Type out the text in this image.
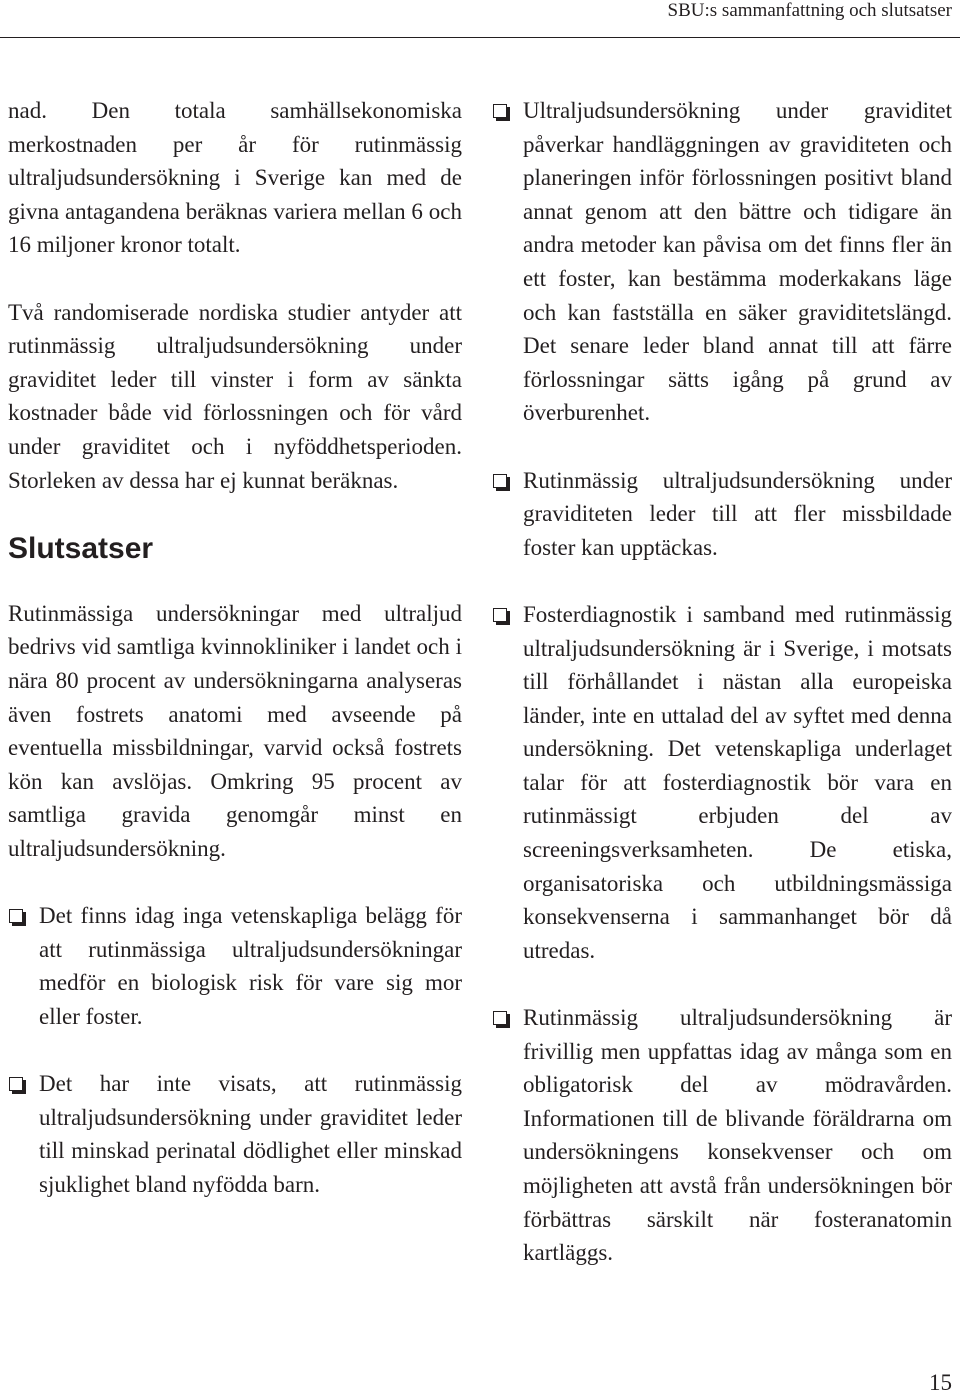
SBU:s sammanfattning och slutsatser

nad. Den totala samhällsekonomiska merkostnaden per år för rutinmässig ultraljudsundersökning i Sverige kan med de givna antagandena beräknas variera mellan 6 och 16 miljoner kronor totalt.

Två randomiserade nordiska studier antyder att rutinmässig ultraljudsundersökning under graviditet leder till vinster i form av sänkta kostnader både vid förlossningen och för vård under graviditet och i nyföddhetsperioden. Storleken av dessa har ej kunnat beräknas.

Slutsatser

Rutinmässiga undersökningar med ultraljud bedrivs vid samtliga kvinnokliniker i landet och i nära 80 procent av undersökningarna analyseras även fostrets anatomi med avseende på eventuella missbildningar, varvid också fostrets kön kan avslöjas. Omkring 95 procent av samtliga gravida genomgår minst en ultraljudsundersökning.

Det finns idag inga vetenskapliga belägg för att rutinmässiga ultraljudsundersökningar medför en biologisk risk för vare sig mor eller foster.
Det har inte visats, att rutinmässig ultraljudsundersökning under graviditet leder till minskad perinatal dödlighet eller minskad sjuklighet bland nyfödda barn.
Ultraljudsundersökning under graviditet påverkar handläggningen av graviditeten och planeringen inför förlossningen positivt bland annat genom att den bättre och tidigare än andra metoder kan påvisa om det finns fler än ett foster, kan bestämma moderkakans läge och kan fastställa en säker graviditetslängd. Det senare leder bland annat till att färre förlossningar sätts igång på grund av överburenhet.
Rutinmässig ultraljudsundersökning under graviditeten leder till att fler missbildade foster kan upptäckas.
Fosterdiagnostik i samband med rutinmässig ultraljudsundersökning är i Sverige, i motsats till förhållandet i nästan alla europeiska länder, inte en uttalad del av syftet med denna undersökning. Det vetenskapliga underlaget talar för att fosterdiagnostik bör vara en rutinmässigt erbjuden del av screeningsverksamheten. De etiska, organisatoriska och utbildningsmässiga konsekvenserna i sammanhanget bör då utredas.
Rutinmässig ultraljudsundersökning är frivillig men uppfattas idag av många som en obligatorisk del av mödravården. Informationen till de blivande föräldrarna om undersökningens konsekvenser och om möjligheten att avstå från undersökningen bör förbättras särskilt när fosteranatomin kartläggs.
15
